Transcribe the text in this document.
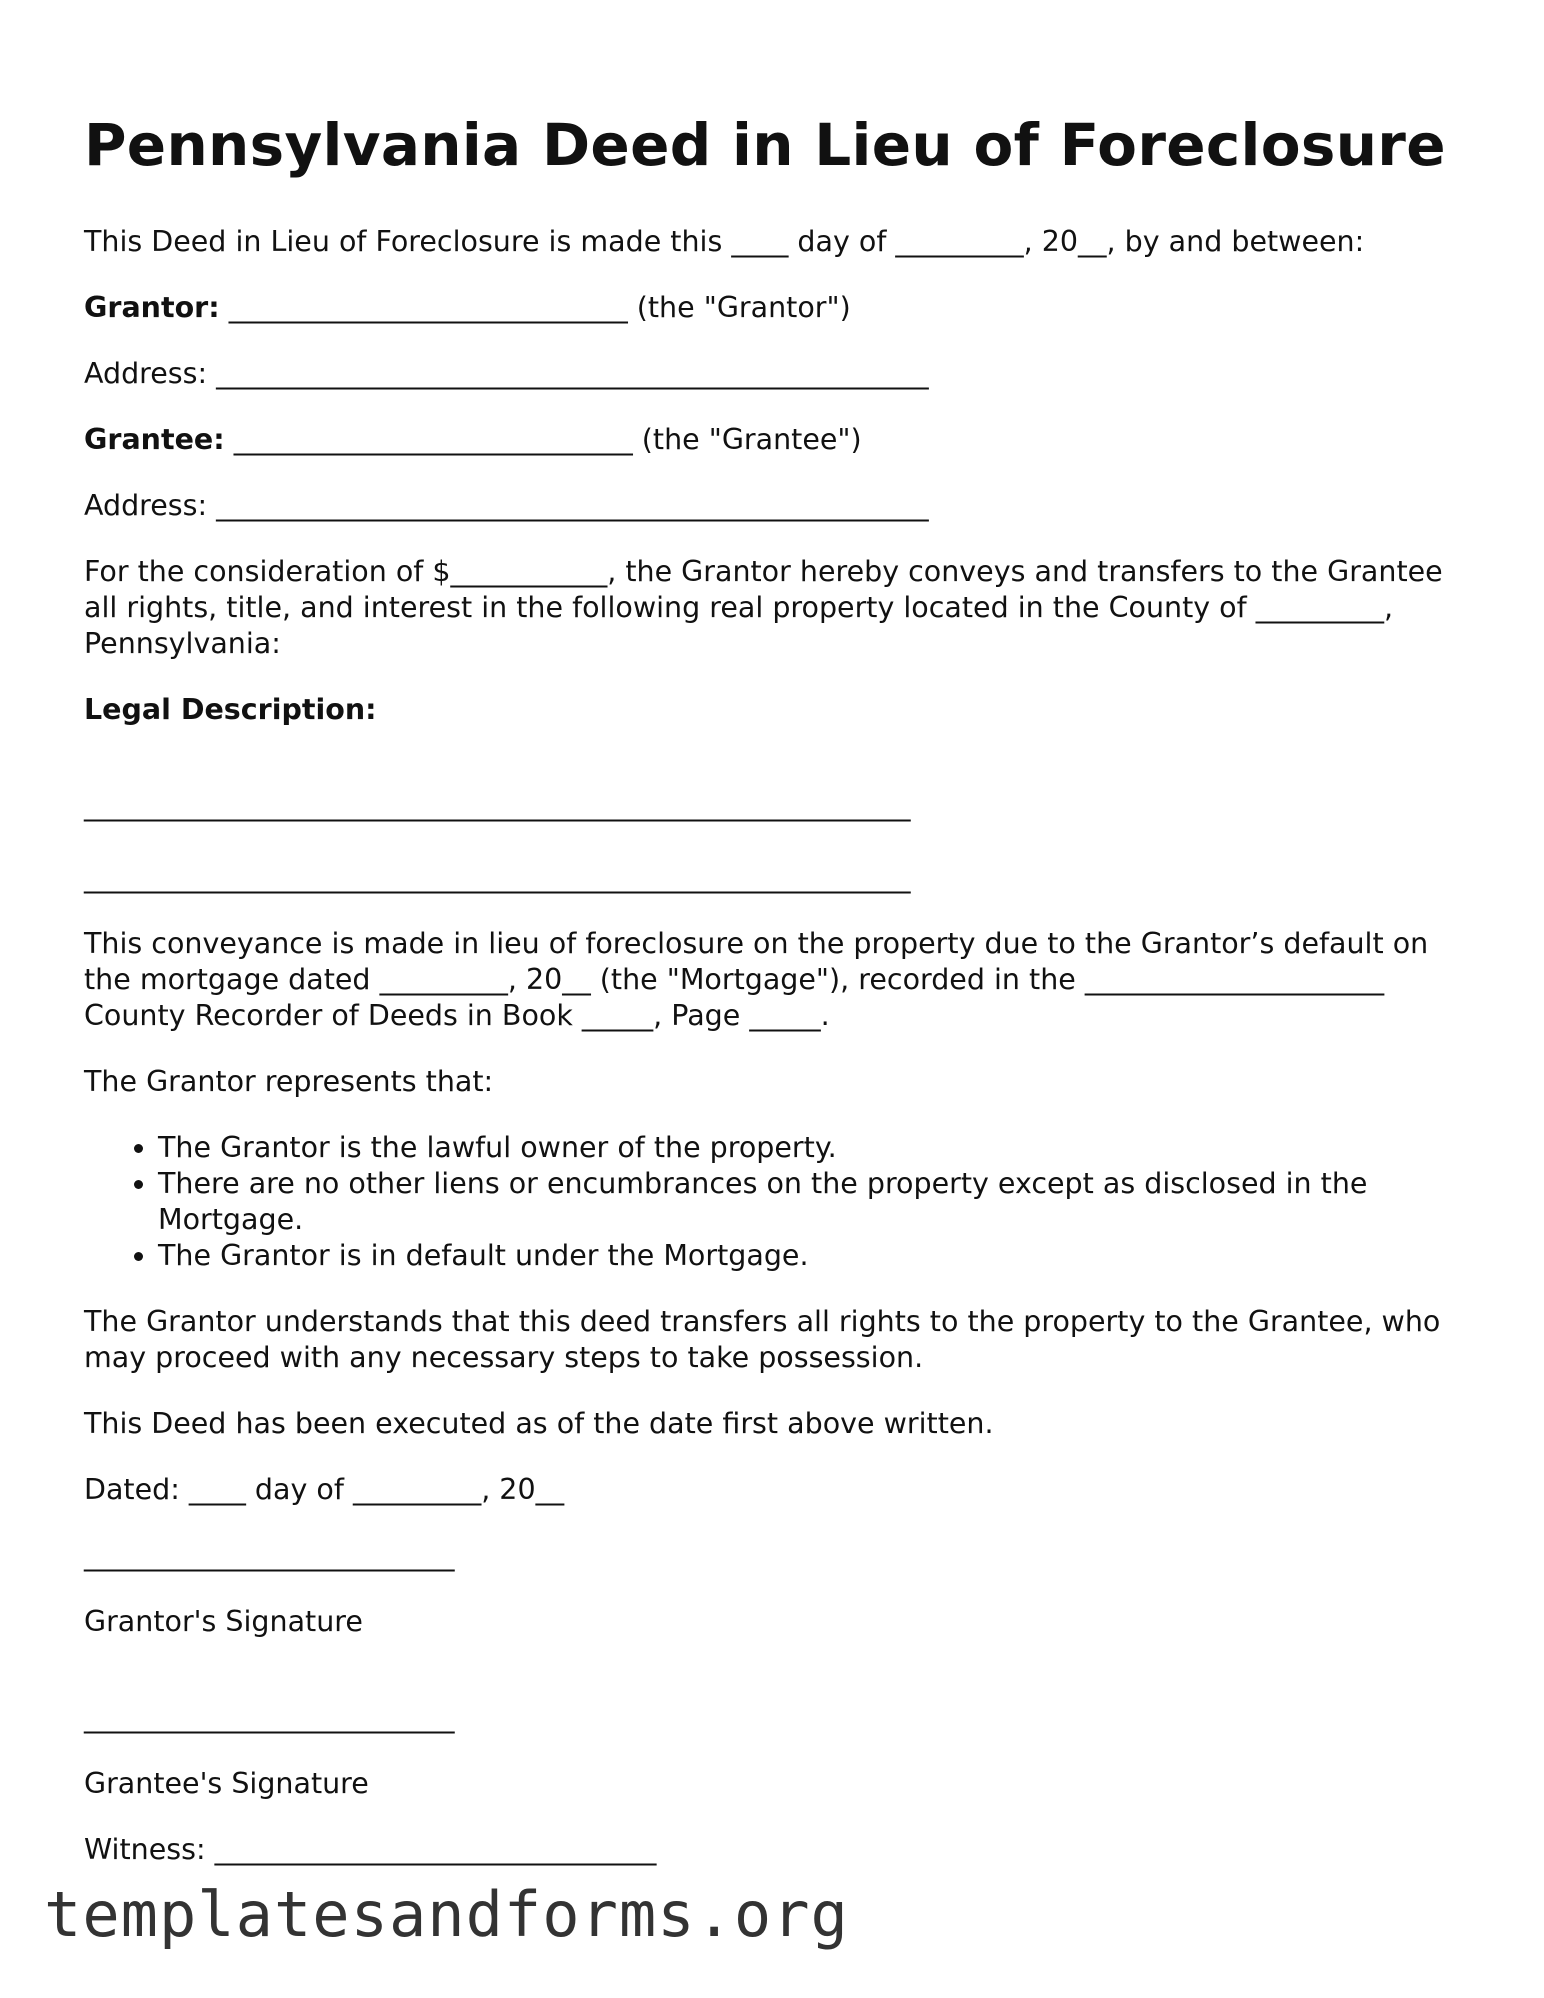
Pennsylvania Deed in Lieu of Foreclosure

This Deed in Lieu of Foreclosure is made this ____ day of _________, 20__, by and between:

Grantor: ____________________________ (the "Grantor")

Address: __________________________________________________

Grantee: ____________________________ (the "Grantee")

Address: __________________________________________________

For the consideration of $___________, the Grantor hereby conveys and transfers to the Grantee all rights, title, and interest in the following real property located in the County of _________, Pennsylvania:

Legal Description:

__________________________________________________________

__________________________________________________________

This conveyance is made in lieu of foreclosure on the property due to the Grantor’s default on the mortgage dated _________, 20__ (the "Mortgage"), recorded in the _____________________ County Recorder of Deeds in Book _____, Page _____.

The Grantor represents that:

• The Grantor is the lawful owner of the property.
• There are no other liens or encumbrances on the property except as disclosed in the Mortgage.
• The Grantor is in default under the Mortgage.

The Grantor understands that this deed transfers all rights to the property to the Grantee, who may proceed with any necessary steps to take possession.

This Deed has been executed as of the date first above written.

Dated: ____ day of _________, 20__

__________________________

Grantor's Signature

__________________________

Grantee's Signature

Witness: _______________________________

templatesandforms.org
